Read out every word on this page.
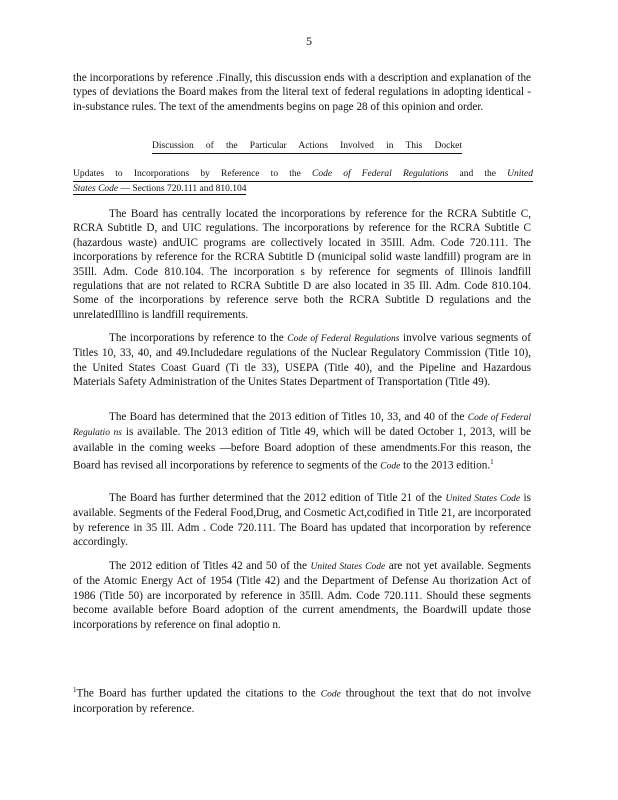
5

the incorporations by reference .Finally, this discussion ends with a description and explanation of the types of deviations the Board makes from the literal text of federal regulations in adopting identical -in-substance rules. The text of the amendments begins on page 28 of this opinion and order.

Discussion of the Particular Actions Involved in This Docket
Updates to Incorporations by Reference to the Code of Federal Regulations and the United
States Code — Sections 720.111 and 810.104

The Board has centrally located the incorporations by reference for the RCRA Subtitle C, RCRA Subtitle D, and UIC regulations. The incorporations by reference for the RCRA Subtitle C (hazardous waste) andUIC programs are collectively located in 35Ill. Adm. Code 720.111. The incorporations by reference for the RCRA Subtitle D (municipal solid waste landfill) program are in 35Ill. Adm. Code 810.104. The incorporation s by reference for segments of Illinois landfill regulations that are not related to RCRA Subtitle D are also located in 35 Ill. Adm. Code 810.104. Some of the incorporations by reference serve both the RCRA Subtitle D regulations and the unrelatedIllino is landfill requirements.

The incorporations by reference to the Code of Federal Regulations involve various segments of Titles 10, 33, 40, and 49.Includedare regulations of the Nuclear Regulatory Commission (Title 10), the United States Coast Guard (Ti tle 33), USEPA (Title 40), and the Pipeline and Hazardous Materials Safety Administration of the Unites States Department of Transportation (Title 49).

The Board has determined that the 2013 edition of Titles 10, 33, and 40 of the Code of Federal Regulatio ns is available. The 2013 edition of Title 49, which will be dated October 1, 2013, will be available in the coming weeks —before Board adoption of these amendments.For this reason, the Board has revised all incorporations by reference to segments of the Code to the 2013 edition.$^1$

The Board has further determined that the 2012 edition of Title 21 of the United States Code is available. Segments of the Federal Food,Drug, and Cosmetic Act,codified in Title 21, are incorporated by reference in 35 Ill. Adm . Code 720.111. The Board has updated that incorporation by reference accordingly.

The 2012 edition of Titles 42 and 50 of the United States Code are not yet available. Segments of the Atomic Energy Act of 1954 (Title 42) and the Department of Defense Au thorization Act of 1986 (Title 50) are incorporated by reference in 35Ill. Adm. Code 720.111. Should these segments become available before Board adoption of the current amendments, the Boardwill update those incorporations by reference on final adoptio n.

$^1$The Board has further updated the citations to the Code throughout the text that do not involve incorporation by reference.
